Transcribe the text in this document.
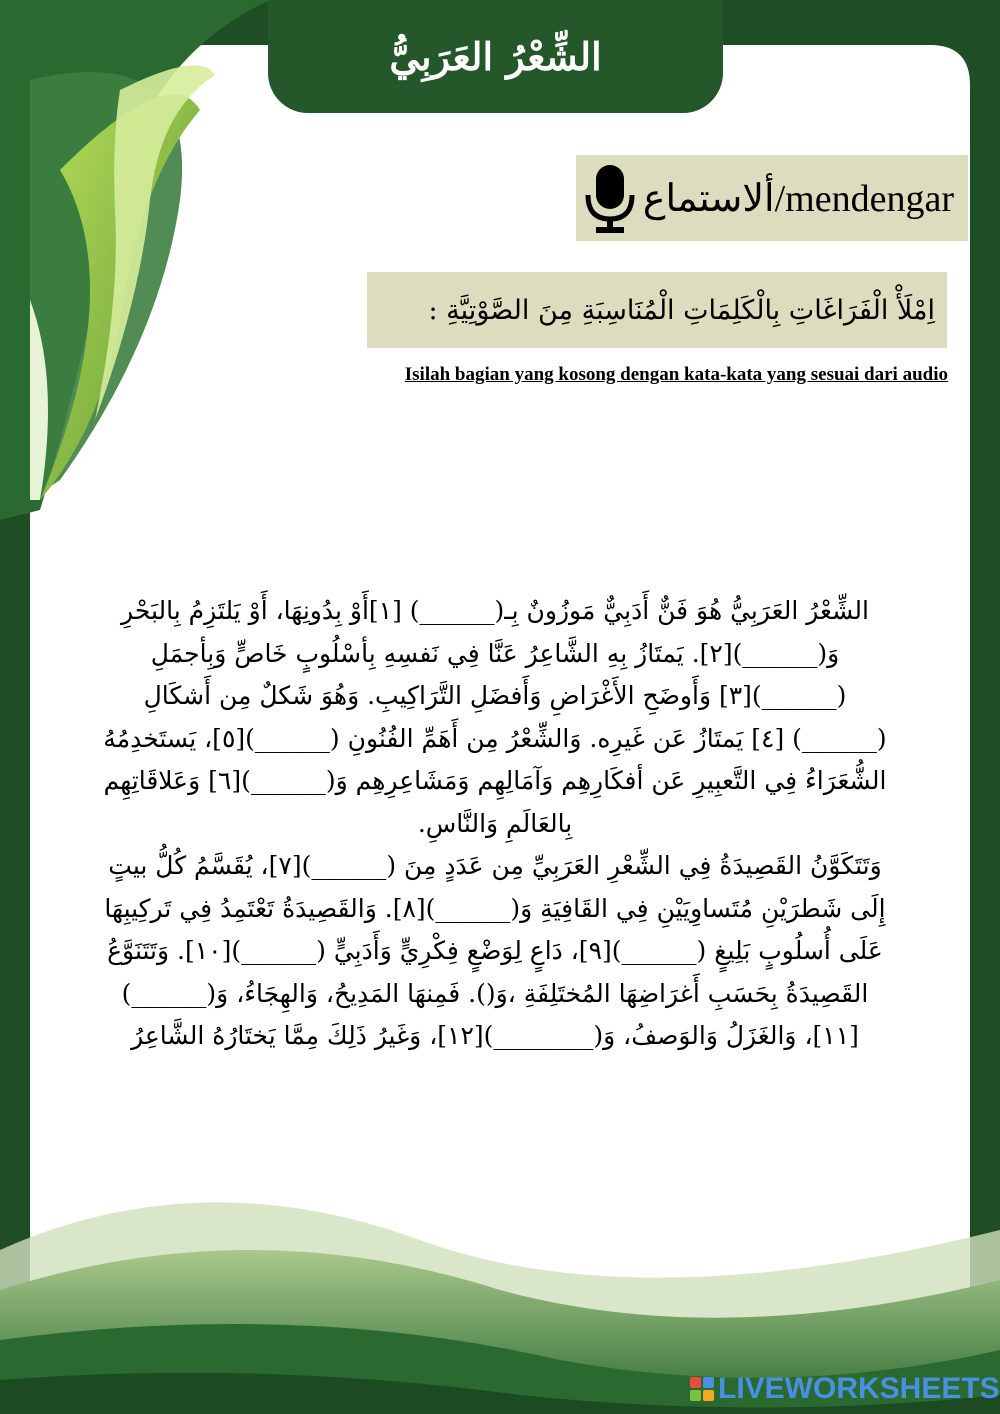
الشِّعْرُ العَرَبِيُّ
ألاستماع/mendengar
اِمْلَأْ الْفَرَاغَاتِ بِالْكَلِمَاتِ الْمُنَاسِبَةِ مِنَ الصَّوْتِيَّةِ :
Isilah bagian yang kosong dengan kata-kata yang sesuai dari audio

الشِّعْرُ العَرَبِيُّ هُوَ فَنٌّ أَدَبِيٌّ مَوزُونٌ بِـ(______) [١]أَوْ بِدُونِهَا، أَوْ يَلتَزِمُ بِالبَحْرِ وَ(______)[٢]. يَمتَازُ بِهِ الشَّاعِرُ عَنَّا فِي نَفسِهِ بِأسْلُوبٍ خَاصٍّ وَبِأجمَلِ (______)[٣] وَأَوضَحِ الأَغْرَاضِ وَأَفضَلِ التَّرَاكِيبِ. وَهُوَ شَكلٌ مِن أَشكَالِ (______) [٤] يَمتَازُ عَن غَيرِه. وَالشِّعْرُ مِن أَهَمِّ الفُنُونِ (______)[٥]، يَستَخدِمُهُ الشُّعَرَاءُ فِي التَّعبِيرِ عَن أفكَارِهِم وَآمَالِهِم وَمَشَاعِرِهِم وَ(______)[٦] وَعَلاقَاتِهِم بِالعَالَمِ وَالنَّاسِ.

وَتَتَكَوَّنُ القَصِيدَةُ فِي الشِّعْرِ العَرَبِيِّ مِن عَدَدٍ مِنَ (______)[٧]، يُقَسَّمُ كُلُّ بيتٍ إِلَى شَطرَيْنِ مُتَساوِيَيْنِ فِي القَافِيَةِ وَ(______)[٨]. وَالقَصِيدَةُ تَعْتَمِدُ فِي تَركِيبِهَا عَلَى أُسلُوبٍ بَلِيغٍ (______)[٩]، دَاعٍ لِوَضْعٍ فِكْرِيٍّ وَأَدَبِيٍّ (______)[١٠]. وَتَتَنَوَّعُ القَصِيدَةُ بِحَسَبِ أَغرَاضِهَا المُختَلِفَةِ ،وَ(). فَمِنهَا المَدِيحُ، وَالهِجَاءُ، وَ(______)[١١]، وَالغَزَلُ وَالوَصفُ، وَ(________)[١٢]، وَغَيرُ ذَلِكَ مِمَّا يَختَارُهُ الشَّاعِرُ

LIVEWORKSHEETS
